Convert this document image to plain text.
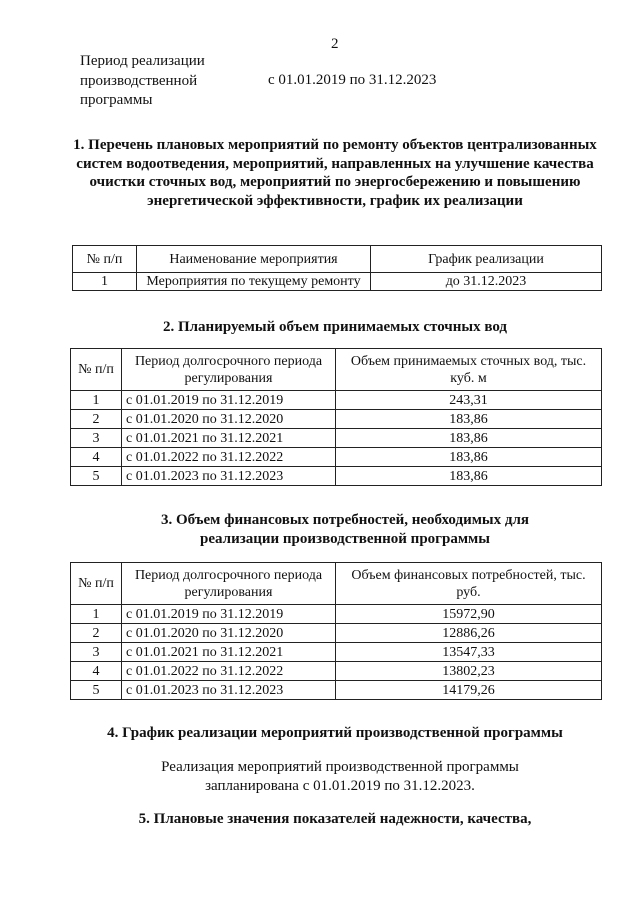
2
Период реализации производственной программы
с 01.01.2019 по 31.12.2023
1. Перечень плановых мероприятий по ремонту объектов централизованных систем водоотведения, мероприятий, направленных на улучшение качества очистки сточных вод, мероприятий по энергосбережению и повышению энергетической эффективности, график их реализации
№ п/п	Наименование мероприятия	График реализации
1	Мероприятия по текущему ремонту	до 31.12.2023
2. Планируемый объем принимаемых сточных вод
№ п/п	Период долгосрочного периода регулирования	Объем принимаемых сточных вод, тыс. куб. м
1	с 01.01.2019 по 31.12.2019	243,31
2	с 01.01.2020 по 31.12.2020	183,86
3	с 01.01.2021 по 31.12.2021	183,86
4	с 01.01.2022 по 31.12.2022	183,86
5	с 01.01.2023 по 31.12.2023	183,86
3. Объем финансовых потребностей, необходимых для реализации производственной программы
№ п/п	Период долгосрочного периода регулирования	Объем финансовых потребностей, тыс. руб.
1	с 01.01.2019 по 31.12.2019	15972,90
2	с 01.01.2020 по 31.12.2020	12886,26
3	с 01.01.2021 по 31.12.2021	13547,33
4	с 01.01.2022 по 31.12.2022	13802,23
5	с 01.01.2023 по 31.12.2023	14179,26
4. График реализации мероприятий производственной программы
Реализация мероприятий производственной программы запланирована с 01.01.2019 по 31.12.2023.
5. Плановые значения показателей надежности, качества,
